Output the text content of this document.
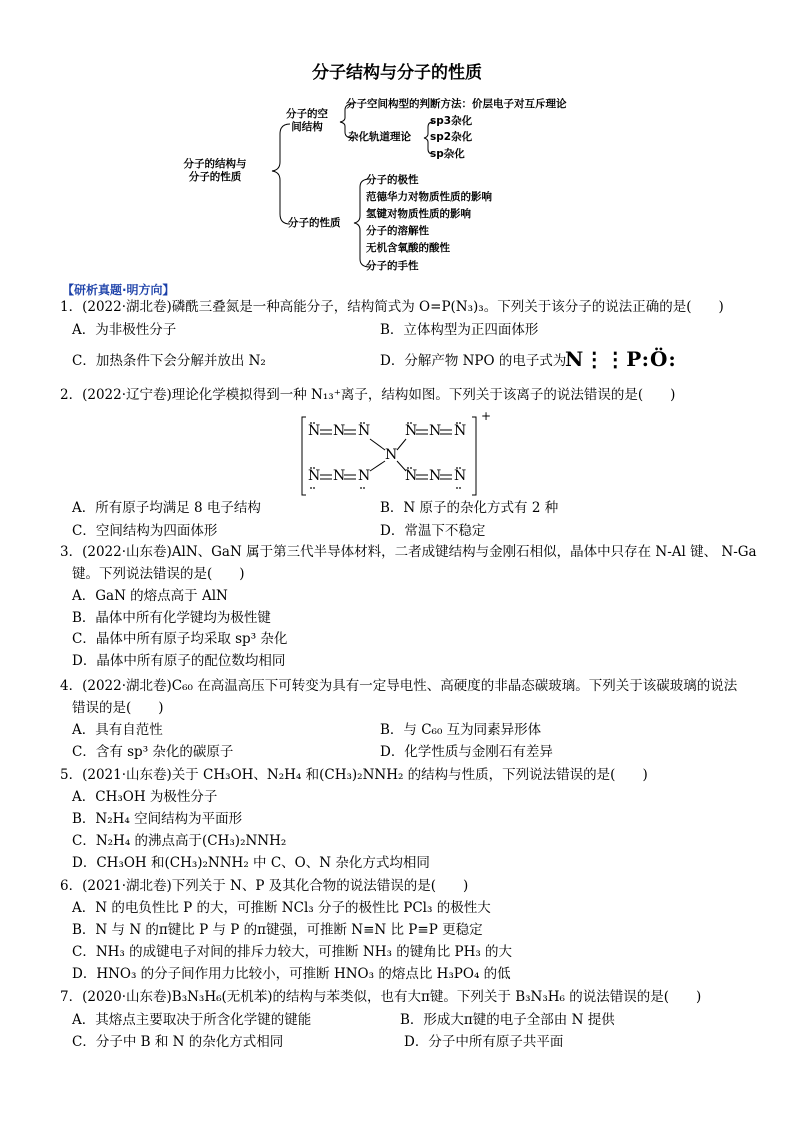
分子结构与分子的性质
分子的结构与分子的性质
分子的空间结构
分子空间构型的判断方法：价层电子对互斥理论
杂化轨道理论
sp3杂化
sp2杂化
sp杂化
分子的性质
分子的极性
范德华力对物质性质的影响
氢键对物质性质的影响
分子的溶解性
无机含氧酸的酸性
分子的手性
【研析真题·明方向】
1．(2022·湖北卷)磷酰三叠氮是一种高能分子，结构简式为 O=P(N₃)₃。下列关于该分子的说法正确的是(　　)
A．为非极性分子	B．立体构型为正四面体形
C．加热条件下会分解并放出 N₂	D．分解产物 NPO 的电子式为
N⋮⋮P:Ö:
2．(2022·辽宁卷)理论化学模拟得到一种 N₁₃⁺离子，结构如图。下列关于该离子的说法错误的是(　　)
N N N N N N
N
N N N N N N
+
A．所有原子均满足 8 电子结构	B．N 原子的杂化方式有 2 种
C．空间结构为四面体形	D．常温下不稳定
3．(2022·山东卷)AlN、GaN 属于第三代半导体材料，二者成键结构与金刚石相似，晶体中只存在 N-Al 键、 N-Ga
键。下列说法错误的是(　　)
A．GaN 的熔点高于 AlN
B．晶体中所有化学键均为极性键
C．晶体中所有原子均采取 sp³ 杂化
D．晶体中所有原子的配位数均相同
4．(2022·湖北卷)C₆₀ 在高温高压下可转变为具有一定导电性、高硬度的非晶态碳玻璃。下列关于该碳玻璃的说法
错误的是(　　)
A．具有自范性	B．与 C₆₀ 互为同素异形体
C．含有 sp³ 杂化的碳原子	D．化学性质与金刚石有差异
5．(2021·山东卷)关于 CH₃OH、N₂H₄ 和(CH₃)₂NNH₂ 的结构与性质，下列说法错误的是(　　)
A．CH₃OH 为极性分子
B．N₂H₄ 空间结构为平面形
C．N₂H₄ 的沸点高于(CH₃)₂NNH₂
D．CH₃OH 和(CH₃)₂NNH₂ 中 C、O、N 杂化方式均相同
6．(2021·湖北卷)下列关于 N、P 及其化合物的说法错误的是(　　)
A．N 的电负性比 P 的大，可推断 NCl₃ 分子的极性比 PCl₃ 的极性大
B．N 与 N 的π键比 P 与 P 的π键强，可推断 N≡N 比 P≡P 更稳定
C．NH₃ 的成键电子对间的排斥力较大，可推断 NH₃ 的键角比 PH₃ 的大
D．HNO₃ 的分子间作用力比较小，可推断 HNO₃ 的熔点比 H₃PO₄ 的低
7．(2020·山东卷)B₃N₃H₆(无机苯)的结构与苯类似，也有大π键。下列关于 B₃N₃H₆ 的说法错误的是(　　)
A．其熔点主要取决于所含化学键的键能	B．形成大π键的电子全部由 N 提供
C．分子中 B 和 N 的杂化方式相同	D．分子中所有原子共平面
